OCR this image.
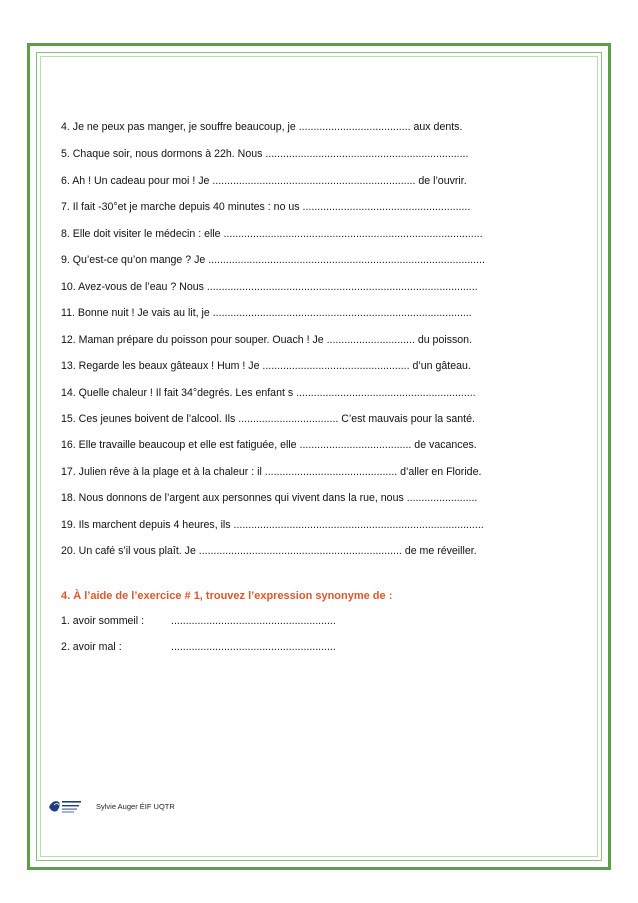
4. Je ne peux pas manger, je souffre beaucoup, je ...................................... aux dents.
5. Chaque soir, nous dormons à 22h. Nous .....................................................................
6. Ah ! Un cadeau pour moi ! Je ..................................................................... de l’ouvrir.
7. Il fait -30°et je marche depuis 40 minutes : no us .........................................................
8. Elle doit visiter le médecin : elle ........................................................................................
9. Qu’est-ce qu’on mange ? Je ..............................................................................................
10. Avez-vous de l’eau ? Nous ............................................................................................
11. Bonne nuit ! Je vais au lit, je ........................................................................................
12. Maman prépare du poisson pour souper. Ouach ! Je .............................. du poisson.
13. Regarde les beaux gâteaux ! Hum ! Je .................................................. d’un gâteau.
14. Quelle chaleur ! Il fait 34°degrés. Les enfant s .............................................................
15. Ces jeunes boivent de l’alcool. Ils .................................. C’est mauvais pour la santé.
16. Elle travaille beaucoup et elle est fatiguée, elle ...................................... de vacances.
17. Julien rêve à la plage et à la chaleur : il ............................................. d’aller en Floride.
18. Nous donnons de l’argent aux personnes qui vivent dans la rue, nous ........................
19. Ils marchent depuis 4 heures, ils .....................................................................................
20. Un café s’il vous plaît. Je ..................................................................... de me réveiller.
4. À l’aide de l’exercice # 1, trouvez l’expression synonyme de :
1. avoir sommeil :	........................................................
2. avoir mal :	........................................................
Sylvie Auger ÉIF UQTR
